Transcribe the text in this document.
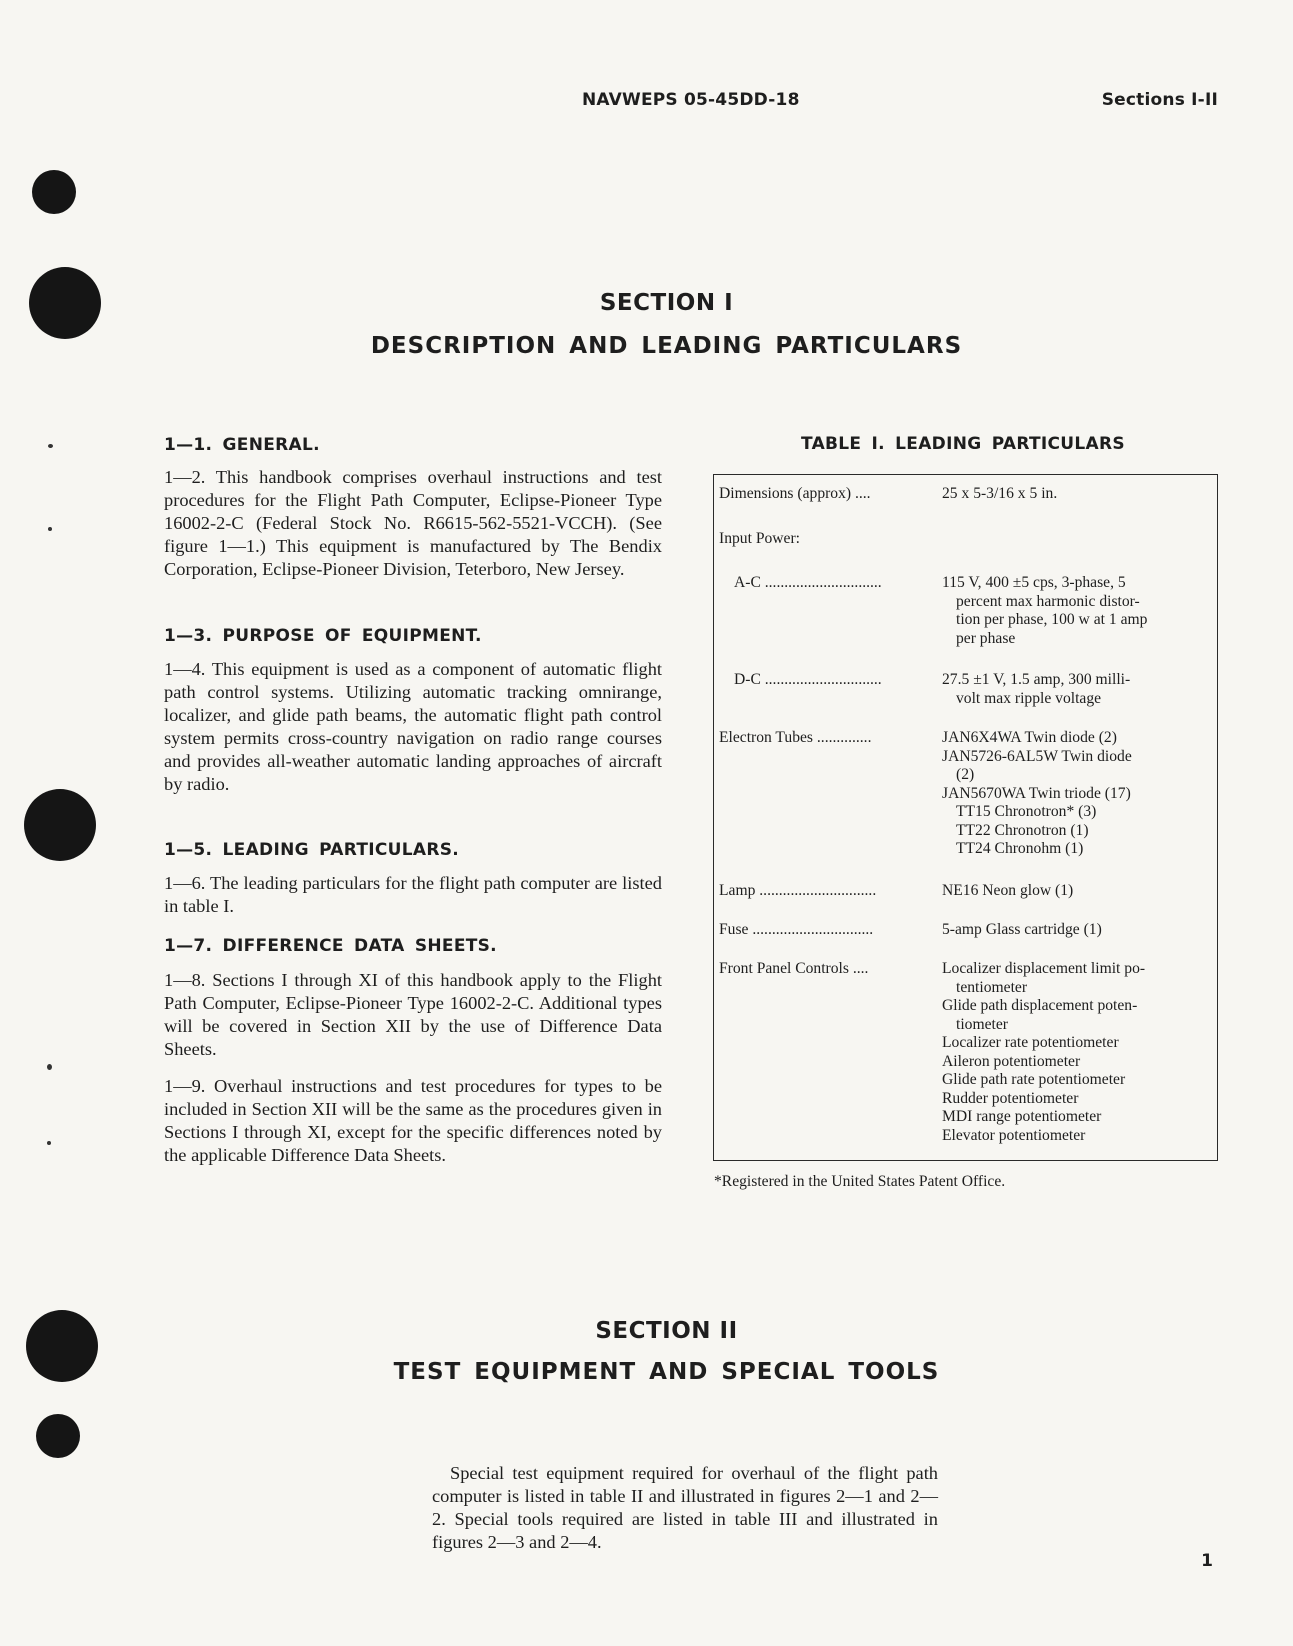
NAVWEPS 05-45DD-18	Sections I-II
SECTION I
DESCRIPTION AND LEADING PARTICULARS
1—1. GENERAL.

1—2. This handbook comprises overhaul instructions and test procedures for the Flight Path Computer, Eclipse-Pioneer Type 16002-2-C (Federal Stock No. R6615-562-5521-VCCH). (See figure 1—1.) This equipment is manufactured by The Bendix Corporation, Eclipse-Pioneer Division, Teterboro, New Jersey.

1—3. PURPOSE OF EQUIPMENT.

1—4. This equipment is used as a component of automatic flight path control systems. Utilizing automatic tracking omnirange, localizer, and glide path beams, the automatic flight path control system permits cross-country navigation on radio range courses and provides all-weather automatic landing approaches of aircraft by radio.

1—5. LEADING PARTICULARS.

1—6. The leading particulars for the flight path computer are listed in table I.

1—7. DIFFERENCE DATA SHEETS.

1—8. Sections I through XI of this handbook apply to the Flight Path Computer, Eclipse-Pioneer Type 16002-2-C. Additional types will be covered in Section XII by the use of Difference Data Sheets.

1—9. Overhaul instructions and test procedures for types to be included in Section XII will be the same as the procedures given in Sections I through XI, except for the specific differences noted by the applicable Difference Data Sheets.

TABLE I. LEADING PARTICULARS
Dimensions (approx) ....	25 x 5-3/16 x 5 in.
Input Power:
A-C ..............................	115 V, 400 ±5 cps, 3-phase, 5
percent max harmonic distor-
tion per phase, 100 w at 1 amp
per phase
D-C ..............................	27.5 ±1 V, 1.5 amp, 300 milli-
volt max ripple voltage
Electron Tubes ..............	JAN6X4WA Twin diode (2)
JAN5726-6AL5W Twin diode
(2)
JAN5670WA Twin triode (17)
TT15 Chronotron* (3)
TT22 Chronotron (1)
TT24 Chronohm (1)
Lamp ..............................	NE16 Neon glow (1)
Fuse ...............................	5-amp Glass cartridge (1)
Front Panel Controls ....	Localizer displacement limit po-
tentiometer
Glide path displacement poten-
tiometer
Localizer rate potentiometer
Aileron potentiometer
Glide path rate potentiometer
Rudder potentiometer
MDI range potentiometer
Elevator potentiometer
*Registered in the United States Patent Office.
SECTION II
TEST EQUIPMENT AND SPECIAL TOOLS

Special test equipment required for overhaul of the flight path computer is listed in table II and illustrated in figures 2—1 and 2—2. Special tools required are listed in table III and illustrated in figures 2—3 and 2—4.

1
